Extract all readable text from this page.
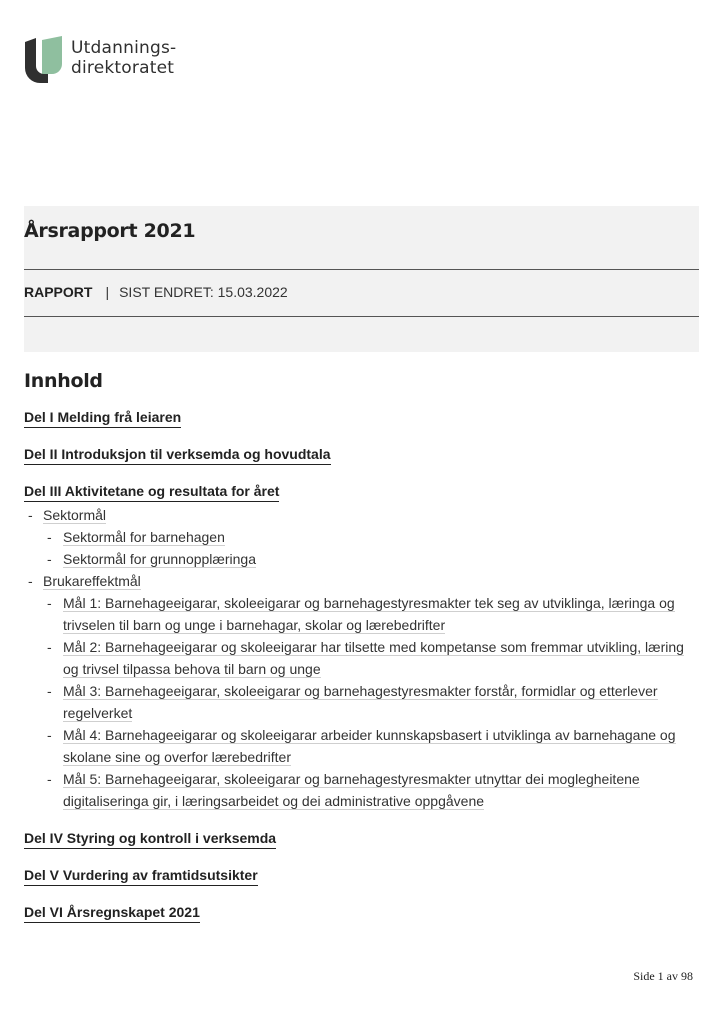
Utdannings-
direktoratet
Årsrapport 2021
RAPPORT | SIST ENDRET: 15.03.2022
Innhold
Del I Melding frå leiaren
Del II Introduksjon til verksemda og hovudtala
Del III Aktivitetane og resultata for året
- Sektormål
- Sektormål for barnehagen
- Sektormål for grunnopplæringa
- Brukareffektmål
- Mål 1: Barnehageeigarar, skoleeigarar og barnehagestyresmakter tek seg av utviklinga, læringa og trivselen til barn og unge i barnehagar, skolar og lærebedrifter
- Mål 2: Barnehageeigarar og skoleeigarar har tilsette med kompetanse som fremmar utvikling, læring og trivsel tilpassa behova til barn og unge
- Mål 3: Barnehageeigarar, skoleeigarar og barnehagestyresmakter forstår, formidlar og etterlever regelverket
- Mål 4: Barnehageeigarar og skoleeigarar arbeider kunnskapsbasert i utviklinga av barnehagane og skolane sine og overfor lærebedrifter
- Mål 5: Barnehageeigarar, skoleeigarar og barnehagestyresmakter utnyttar dei moglegheitene digitaliseringa gir, i læringsarbeidet og dei administrative oppgåvene
Del IV Styring og kontroll i verksemda
Del V Vurdering av framtidsutsikter
Del VI Årsregnskapet 2021
Side 1 av 98
